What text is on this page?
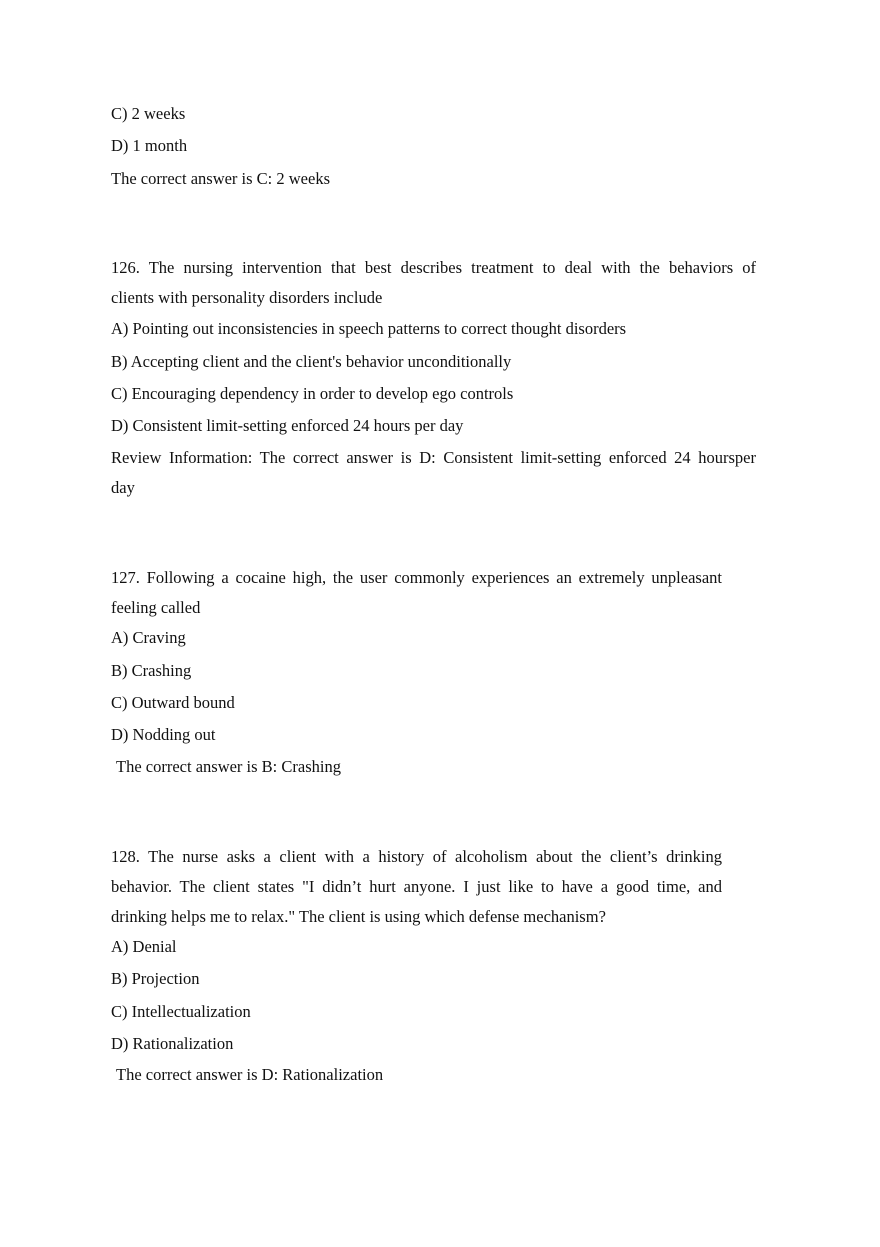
C) 2 weeks
D) 1 month
The correct answer is C: 2 weeks
126. The nursing intervention that best describes treatment to deal with the behaviors of
clients with personality disorders include
A) Pointing out inconsistencies in speech patterns to correct thought disorders
B) Accepting client and the client's behavior unconditionally
C) Encouraging dependency in order to develop ego controls
D) Consistent limit-setting enforced 24 hours per day
Review Information: The correct answer is D: Consistent limit-setting enforced 24 hoursper
day
127. Following a cocaine high, the user commonly experiences an extremely unpleasant
feeling called
A) Craving
B) Crashing
C) Outward bound
D) Nodding out
The correct answer is B: Crashing
128. The nurse asks a client with a history of alcoholism about the client’s drinking
behavior. The client states "I didn’t hurt anyone. I just like to have a good time, and
drinking helps me to relax." The client is using which defense mechanism?
A) Denial
B) Projection
C) Intellectualization
D) Rationalization
The correct answer is D: Rationalization
